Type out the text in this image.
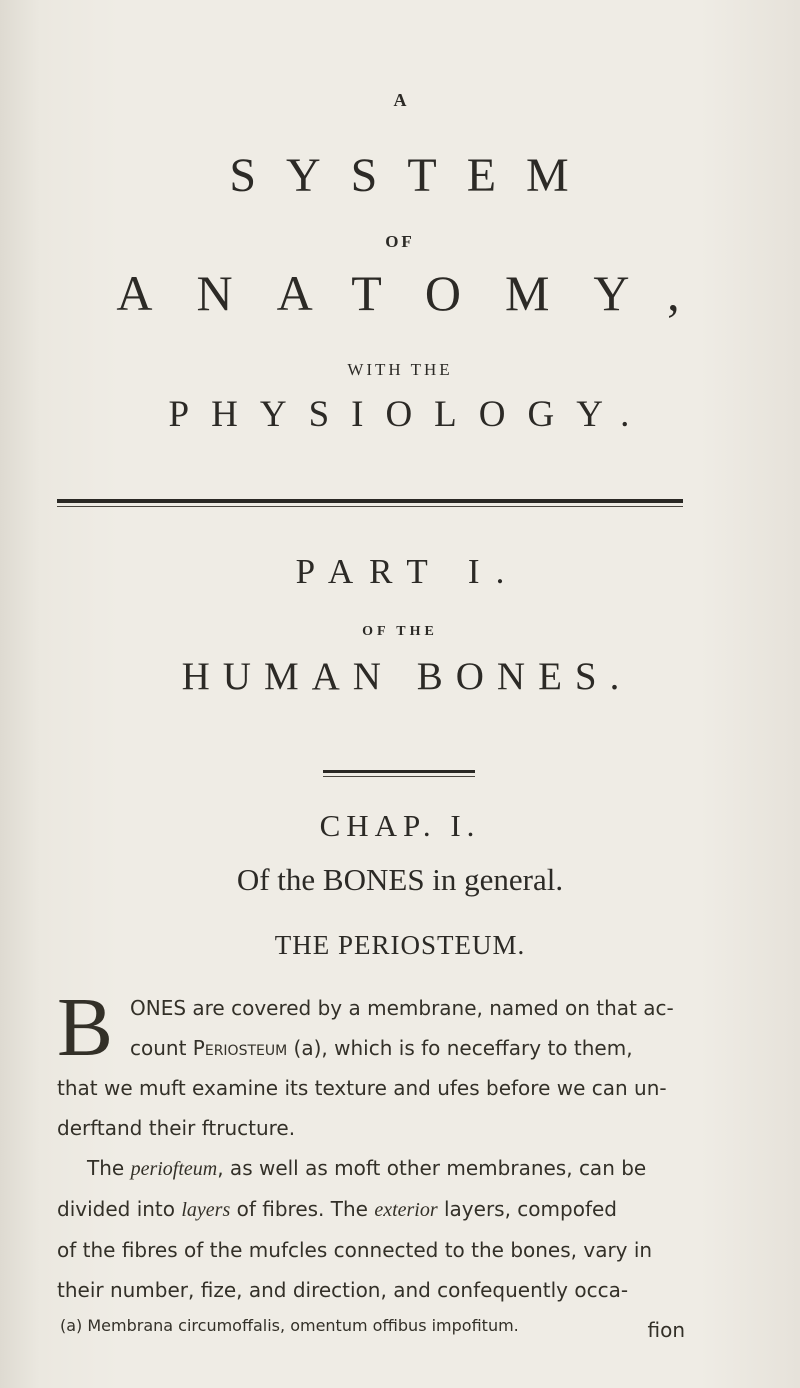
A
SYSTEM
OF
ANATOMY,
WITH THE
PHYSIOLOGY.
PART I.
OF THE
HUMAN BONES.
CHAP. I.
Of the BONES in general.
THE PERIOSTEUM.
B ONES are covered by a membrane, named on that ac-
count Periosteum (a), which is fo neceffary to them,
that we muft examine its texture and ufes before we can un-
derftand their ftructure.
The periofteum, as well as moft other membranes, can be
divided into layers of fibres. The exterior layers, compofed
of the fibres of the mufcles connected to the bones, vary in
their number, fize, and direction, and confequently occa-
fion
(a) Membrana circumoffalis, omentum offibus impofitum.
